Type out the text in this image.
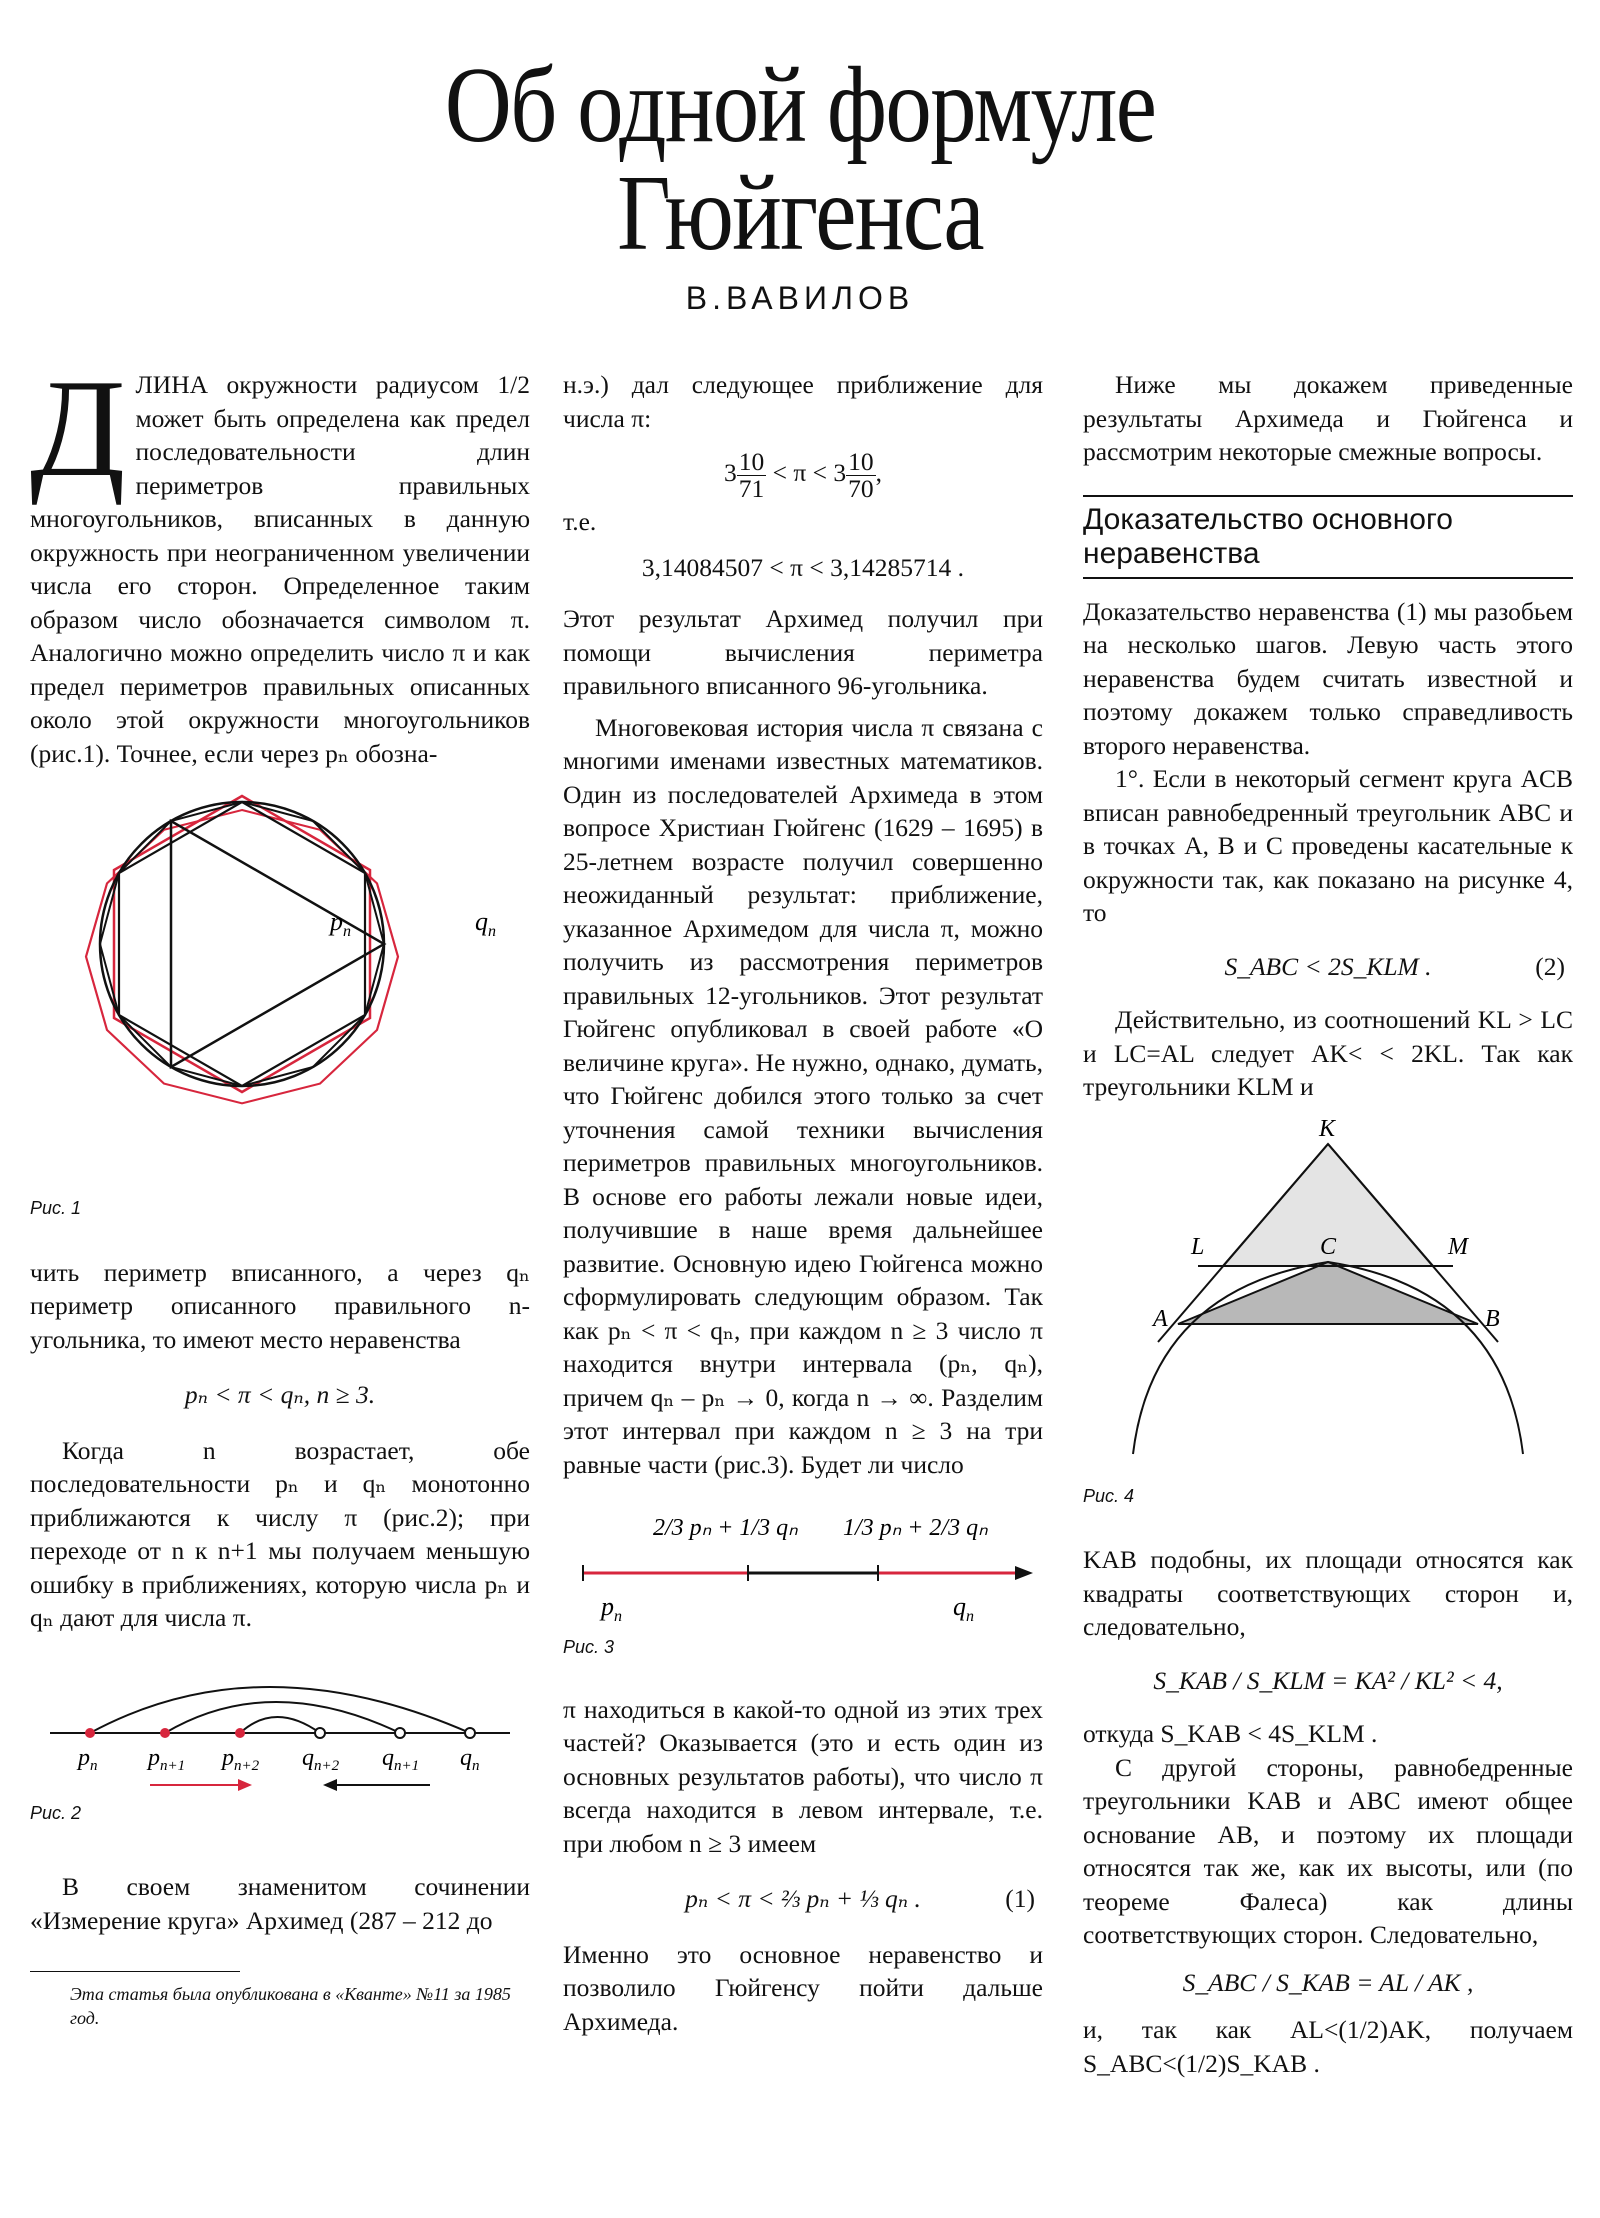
Об одной формуле
Гюйгенса
В.ВАВИЛОВ

ДЛИНА окружности радиусом 1/2 может быть определена как предел последовательности длин периметров правильных многоугольников, вписанных в данную окружность при неограниченном увеличении числа его сторон. Определенное таким образом число обозначается символом π. Аналогично можно определить число π и как предел периметров правильных описанных около этой окружности многоугольников (рис.1). Точнее, если через pₙ обозна-

$p_n$	$q_n$
Рис. 1

чить периметр вписанного, а через qₙ периметр описанного правильного n-угольника, то имеют место неравенства

pₙ < π < qₙ, n ≥ 3.

Когда n возрастает, обе последовательности pₙ и qₙ монотонно приближаются к числу π (рис.2); при переходе от n к n+1 мы получаем меньшую ошибку в приближениях, которую числа pₙ и qₙ дают для числа π.

$p_n$ $p_{n+1}$ $p_{n+2}$ $q_{n+2}$ $q_{n+1}$ $q_n$
Рис. 2

В своем знаменитом сочинении «Измерение круга» Архимед (287 – 212 до

Эта статья была опубликована в «Кванте» №11 за 1985 год.

н.э.) дал следующее приближение для числа π:

$3 \frac{10}{71} < \pi < 3 \frac{10}{70}$ ,

т.е.

3,14084507 < π < 3,14285714 .

Этот результат Архимед получил при помощи вычисления периметра правильного вписанного 96-угольника.

Многовековая история числа π связана с многими именами известных математиков. Один из последователей Архимеда в этом вопросе Христиан Гюйгенс (1629 – 1695) в 25-летнем возрасте получил совершенно неожиданный результат: приближение, указанное Архимедом для числа π, можно получить из рассмотрения периметров правильных 12-угольников. Этот результат Гюйгенс опубликовал в своей работе «О величине круга». Не нужно, однако, думать, что Гюйгенс добился этого только за счет уточнения самой техники вычисления периметров правильных многоугольников. В основе его работы лежали новые идеи, получившие в наше время дальнейшее развитие. Основную идею Гюйгенса можно сформулировать следующим образом. Так как pₙ < π < qₙ, при каждом n ≥ 3 число π находится внутри интервала (pₙ, qₙ), причем qₙ – pₙ → 0, когда n → ∞. Разделим этот интервал при каждом n ≥ 3 на три равные части (рис.3). Будет ли число

2/3 pₙ + 1/3 qₙ 1/3 pₙ + 2/3 qₙ
$p_n$	$q_n$
Рис. 3

π находиться в какой-то одной из этих трех частей? Оказывается (это и есть один из основных результатов работы), что число π всегда находится в левом интервале, т.е. при любом n ≥ 3 имеем

pₙ < π < ⅔ pₙ + ⅓ qₙ .	(1)

Именно это основное неравенство и позволило Гюйгенсу пойти дальше Архимеда.

Ниже мы докажем приведенные результаты Архимеда и Гюйгенса и рассмотрим некоторые смежные вопросы.

Доказательство основного неравенства

Доказательство неравенства (1) мы разобьем на несколько шагов. Левую часть этого неравенства будем считать известной и поэтому докажем только справедливость второго неравенства.

1°. Если в некоторый сегмент круга ACB вписан равнобедренный треугольник ABC и в точках A, B и C проведены касательные к окружности так, как показано на рисунке 4, то

S_ABC < 2S_KLM .	(2)

Действительно, из соотношений KL > LC и LC=AL следует AK< < 2KL. Так как треугольники KLM и

K
L	C	M
A	B
Рис. 4

KAB подобны, их площади относятся как квадраты соответствующих сторон и, следовательно,

S_KAB / S_KLM = KA² / KL² < 4,

откуда S_KAB < 4S_KLM .

С другой стороны, равнобедренные треугольники KAB и ABC имеют общее основание AB, и поэтому их площади относятся так же, как их высоты, или (по теореме Фалеса) как длины соответствующих сторон. Следовательно,

S_ABC / S_KAB = AL / AK ,

и, так как AL<(1/2)AK, получаем S_ABC<(1/2)S_KAB .
